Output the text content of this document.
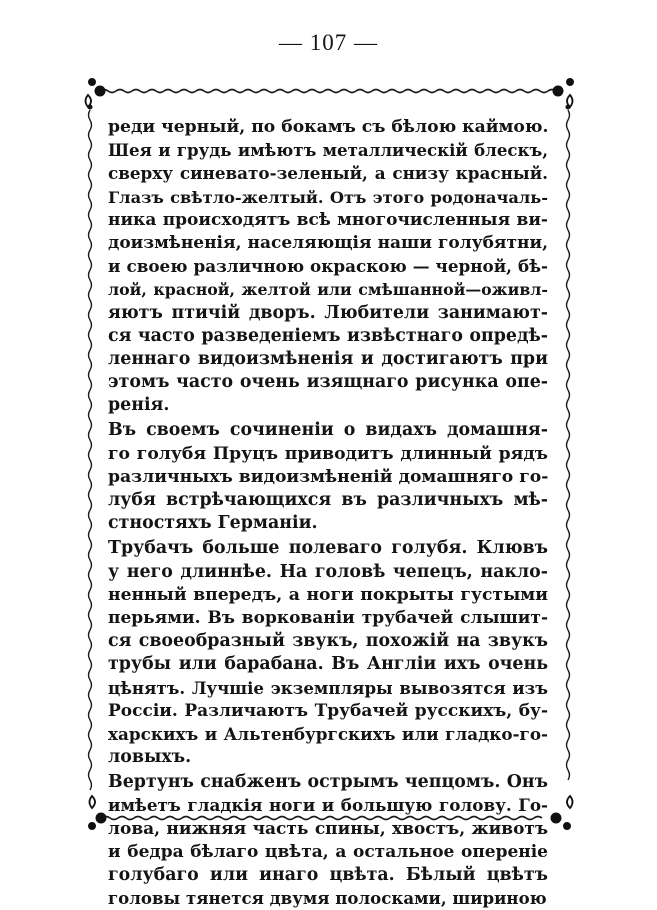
— 107 —
реди черный, по бокамъ съ бѣлою каймою.
Шея и грудь имѣютъ металлическій блескъ,
сверху синевато-зеленый, а снизу красный.
Глазъ свѣтло-желтый. Отъ этого родоначаль-
ника происходятъ всѣ многочисленныя ви-
доизмѣненія, населяющія наши голубятни,
и своею различною окраскою — черной, бѣ-
лой, красной, желтой или смѣшанной—оживл-
яютъ птичій дворъ. Любители занимают-
ся часто разведеніемъ извѣстнаго опредѣ-
леннаго видоизмѣненія и достигаютъ при
этомъ часто очень изящнаго рисунка опе-
ренія.
Въ своемъ сочиненіи о видахъ домашня-
го голубя Пруцъ приводитъ длинный рядъ
различныхъ видоизмѣненій домашняго го-
лубя встрѣчающихся въ различныхъ мѣ-
стностяхъ Германіи.
Трубачъ больше полеваго голубя. Клювъ
у него длиннѣе. На головѣ чепецъ, накло-
ненный впередъ, а ноги покрыты густыми
перьями. Въ воркованіи трубачей слышит-
ся своеобразный звукъ, похожій на звукъ
трубы или барабана. Въ Англіи ихъ очень
цѣнятъ. Лучшіе экземпляры вывозятся изъ
Россіи. Различаютъ Трубачей русскихъ, бу-
харскихъ и Альтенбургскихъ или гладко-го-
ловыхъ.
Вертунъ снабженъ острымъ чепцомъ. Онъ
имѣетъ гладкія ноги и большую голову. Го-
лова, нижняя часть спины, хвостъ, животъ
и бедра бѣлаго цвѣта, а остальное опереніе
голубаго или инаго цвѣта. Бѣлый цвѣтъ
головы тянется двумя полосками, шириною
